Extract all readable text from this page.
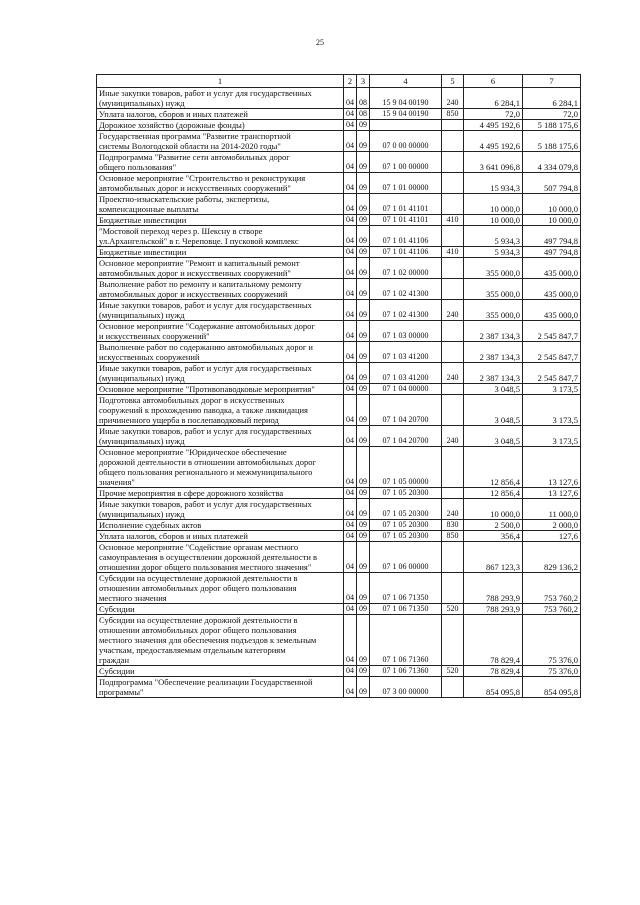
25
1	2	3	4	5	6	7
Иные закупки товаров, работ и услуг для государственных
(муниципальных) нужд	04	08	15 9 04 00190	240	6 284,1	6 284,1
Уплата налогов, сборов и иных платежей	04	08	15 9 04 00190	850	72,0	72,0
Дорожное хозяйство (дорожные фонды)	04	09			4 495 192,6	5 188 175,6
Государственная программа "Развитие транспортной
системы Вологодской области на 2014-2020 годы"	04	09	07 0 00 00000		4 495 192,6	5 188 175,6
Подпрограмма "Развитие сети автомобильных дорог
общего пользования"	04	09	07 1 00 00000		3 641 096,8	4 334 079,8
Основное мероприятие "Строительство и реконструкция
автомобильных дорог и искусственных сооружений"	04	09	07 1 01 00000		15 934,3	507 794,8
Проектно-изыскательские работы, экспертизы,
компенсационные выплаты	04	09	07 1 01 41101		10 000,0	10 000,0
Бюджетные инвестиции	04	09	07 1 01 41101	410	10 000,0	10 000,0
"Мостовой переход через р. Шексну в створе
ул.Архангельской" в г. Череповце. I пусковой комплекс	04	09	07 1 01 41106		5 934,3	497 794,8
Бюджетные инвестиции	04	09	07 1 01 41106	410	5 934,3	497 794,8
Основное мероприятие "Ремонт и капитальный ремонт
автомобильных дорог и искусственных сооружений"	04	09	07 1 02 00000		355 000,0	435 000,0
Выполнение работ по ремонту и капитальному ремонту
автомобильных дорог и искусственных сооружений	04	09	07 1 02 41300		355 000,0	435 000,0
Иные закупки товаров, работ и услуг для государственных
(муниципальных) нужд	04	09	07 1 02 41300	240	355 000,0	435 000,0
Основное мероприятие "Содержание автомобильных дорог
и искусственных сооружений"	04	09	07 1 03 00000		2 387 134,3	2 545 847,7
Выполнение работ по содержанию автомобильных дорог и
искусственных сооружений	04	09	07 1 03 41200		2 387 134,3	2 545 847,7
Иные закупки товаров, работ и услуг для государственных
(муниципальных) нужд	04	09	07 1 03 41200	240	2 387 134,3	2 545 847,7
Основное мероприятие "Противопаводковые мероприятия"	04	09	07 1 04 00000		3 048,5	3 173,5
Подготовка автомобильных дорог в искусственных
сооружений к прохождению паводка, а также ликвидация
причиненного ущерба в послепаводковый период	04	09	07 1 04 20700		3 048,5	3 173,5
Иные закупки товаров, работ и услуг для государственных
(муниципальных) нужд	04	09	07 1 04 20700	240	3 048,5	3 173,5
Основное мероприятие "Юридическое обеспечение
дорожной деятельности в отношении автомобильных дорог
общего пользования регионального и межмуниципального
значения"	04	09	07 1 05 00000		12 856,4	13 127,6
Прочие мероприятия в сфере дорожного хозяйства	04	09	07 1 05 20300		12 856,4	13 127,6
Иные закупки товаров, работ и услуг для государственных
(муниципальных) нужд	04	09	07 1 05 20300	240	10 000,0	11 000,0
Исполнение судебных актов	04	09	07 1 05 20300	830	2 500,0	2 000,0
Уплата налогов, сборов и иных платежей	04	09	07 1 05 20300	850	356,4	127,6
Основное мероприятие "Содействие органам местного
самоуправления в осуществлении дорожной деятельности в
отношении дорог общего пользования местного значения"	04	09	07 1 06 00000		867 123,3	829 136,2
Субсидии на осуществление дорожной деятельности в
отношении автомобильных дорог общего пользования
местного значения	04	09	07 1 06 71350		788 293,9	753 760,2
Субсидии	04	09	07 1 06 71350	520	788 293,9	753 760,2
Субсидии на осуществление дорожной деятельности в
отношении автомобильных дорог общего пользования
местного значения для обеспечения подъездов к земельным
участкам, предоставляемым отдельным категориям
граждан	04	09	07 1 06 71360		78 829,4	75 376,0
Субсидии	04	09	07 1 06 71360	520	78 829,4	75 376,0
Подпрограмма "Обеспечение реализации Государственной
программы"	04	09	07 3 00 00000		854 095,8	854 095,8
